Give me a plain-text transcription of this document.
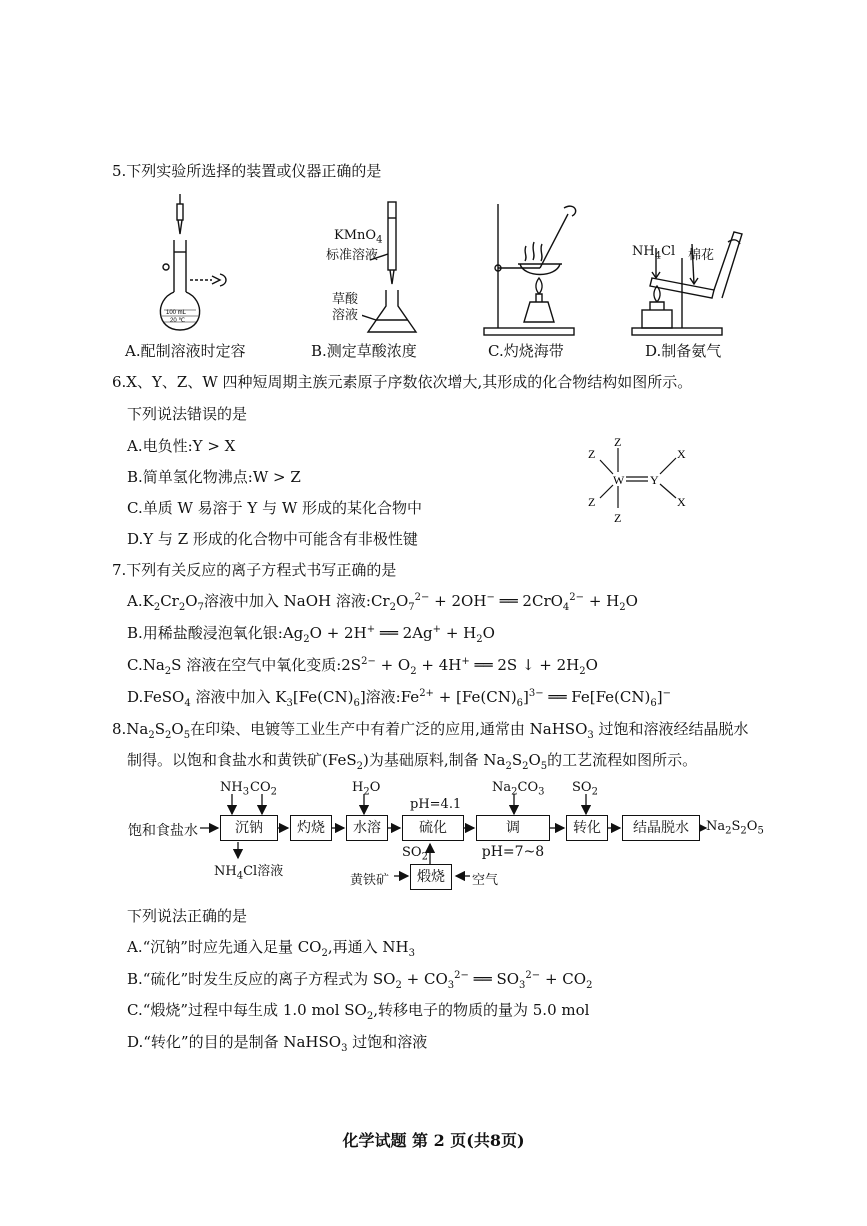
5.下列实验所选择的装置或仪器正确的是
100 mL
20 ℃
KMnO$_4$
标准溶液
草酸
溶液
$NH_4Cl$ 棉花
A.配制溶液时定容	B.测定草酸浓度	C.灼烧海带	D.制备氨气
6.X、Y、Z、W 四种短周期主族元素原子序数依次增大,其形成的化合物结构如图所示。
下列说法错误的是
A.电负性:Y > X
B.简单氢化物沸点:W > Z
C.单质 W 易溶于 Y 与 W 形成的某化合物中
D.Y 与 Z 形成的化合物中可能含有非极性键
Z
Z
W
Z
Z
Y
X
X
7.下列有关反应的离子方程式书写正确的是
$A.K_2Cr_2O_7$溶液中加入 NaOH 溶液$:Cr_2O_7^{2-} + 2OH^-$ ══ $2CrO_4^{2-} + H_2O$
B.用稀盐酸浸泡氧化银$:Ag_2O + 2H^+$ ══ $2Ag^+ + H_2O$
$C.Na_2S$ 溶液在空气中氧化变质$:2S^{2-} + O_2 + 4H^+$ ══ 2S ↓ + $2H_2O$
D.FeSO$_4$ 溶液中加入 $K_3[Fe(CN)_6]$溶液$:Fe^{2+} + [Fe(CN)_6]^{3-}$ ══ $Fe[Fe(CN)_6]^-$
$8.Na_2S_2O_5$在印染、电镀等工业生产中有着广泛的应用,通常由 NaHSO$_3$ 过饱和溶液经结晶脱水
制得。以饱和食盐水和黄铁矿(FeS$_2$)为基础原料,制备 $Na_2S_2O_5$的工艺流程如图所示。
饱和食盐水	沉钠	灼烧	水溶	硫化	调pH=7~8
转化	结晶脱水
煅烧
$NH_3$ $CO_2$	$H_2O$
pH=4.1
$Na_2CO_3$ $SO_2$
$SO_2$
$NH_4Cl$溶液
黄铁矿	空气
$Na_2S_2O_5$
下列说法正确的是
A.“沉钠”时应先通入足量 $CO_2$,再通入 $NH_3$
B.“硫化”时发生反应的离子方程式为 $SO_2 + CO_3^{2-}$ ══ $SO_3^{2-} + CO_2$
C.“煅烧”过程中每生成 1.0 mol $SO_2$,转移电子的物质的量为 5.0 mol
D.“转化”的目的是制备 NaHSO$_3$ 过饱和溶液
化学试题 第 2 页(共8页)
